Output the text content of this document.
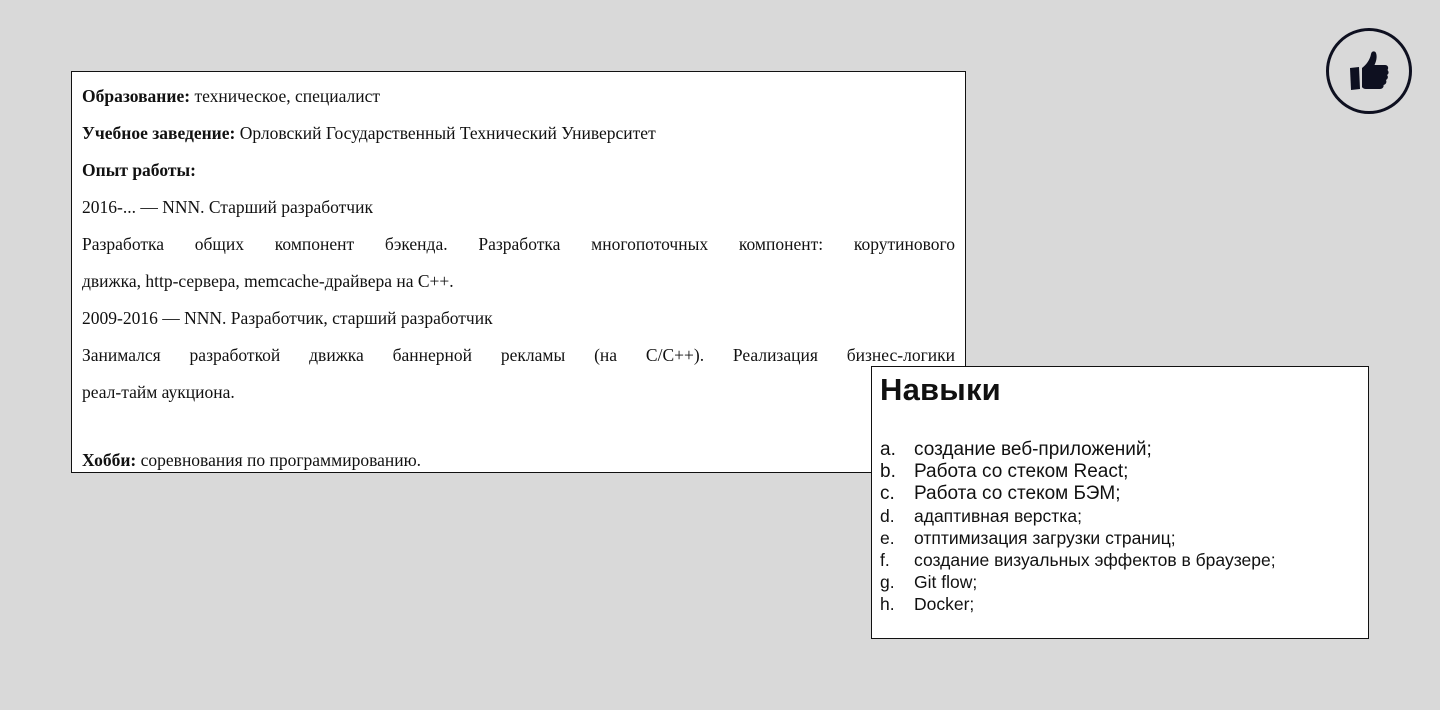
Образование: техническое, специалист

Учебное заведение: Орловский Государственный Технический Университет

Опыт работы:

2016-... — NNN. Старший разработчик

Разработка общих компонент бэкенда. Разработка многопоточных компонент: корутинового

движка, http-сервера, memcache-драйвера на C++.

2009-2016 — NNN. Разработчик, старший разработчик

Занимался разработкой движка баннерной рекламы (на C/C++). Реализация бизнес-логики

реал-тайм аукциона.

Хобби: соревнования по программированию.

Навыки
a. создание веб-приложений;
b. Работа со стеком React;
c.	Работа со стеком БЭМ;
d.	адаптивная верстка;
e.	отптимизация загрузки страниц;
f.	создание визуальных эффектов в браузере;
g.	Git flow;
h.	Docker;
